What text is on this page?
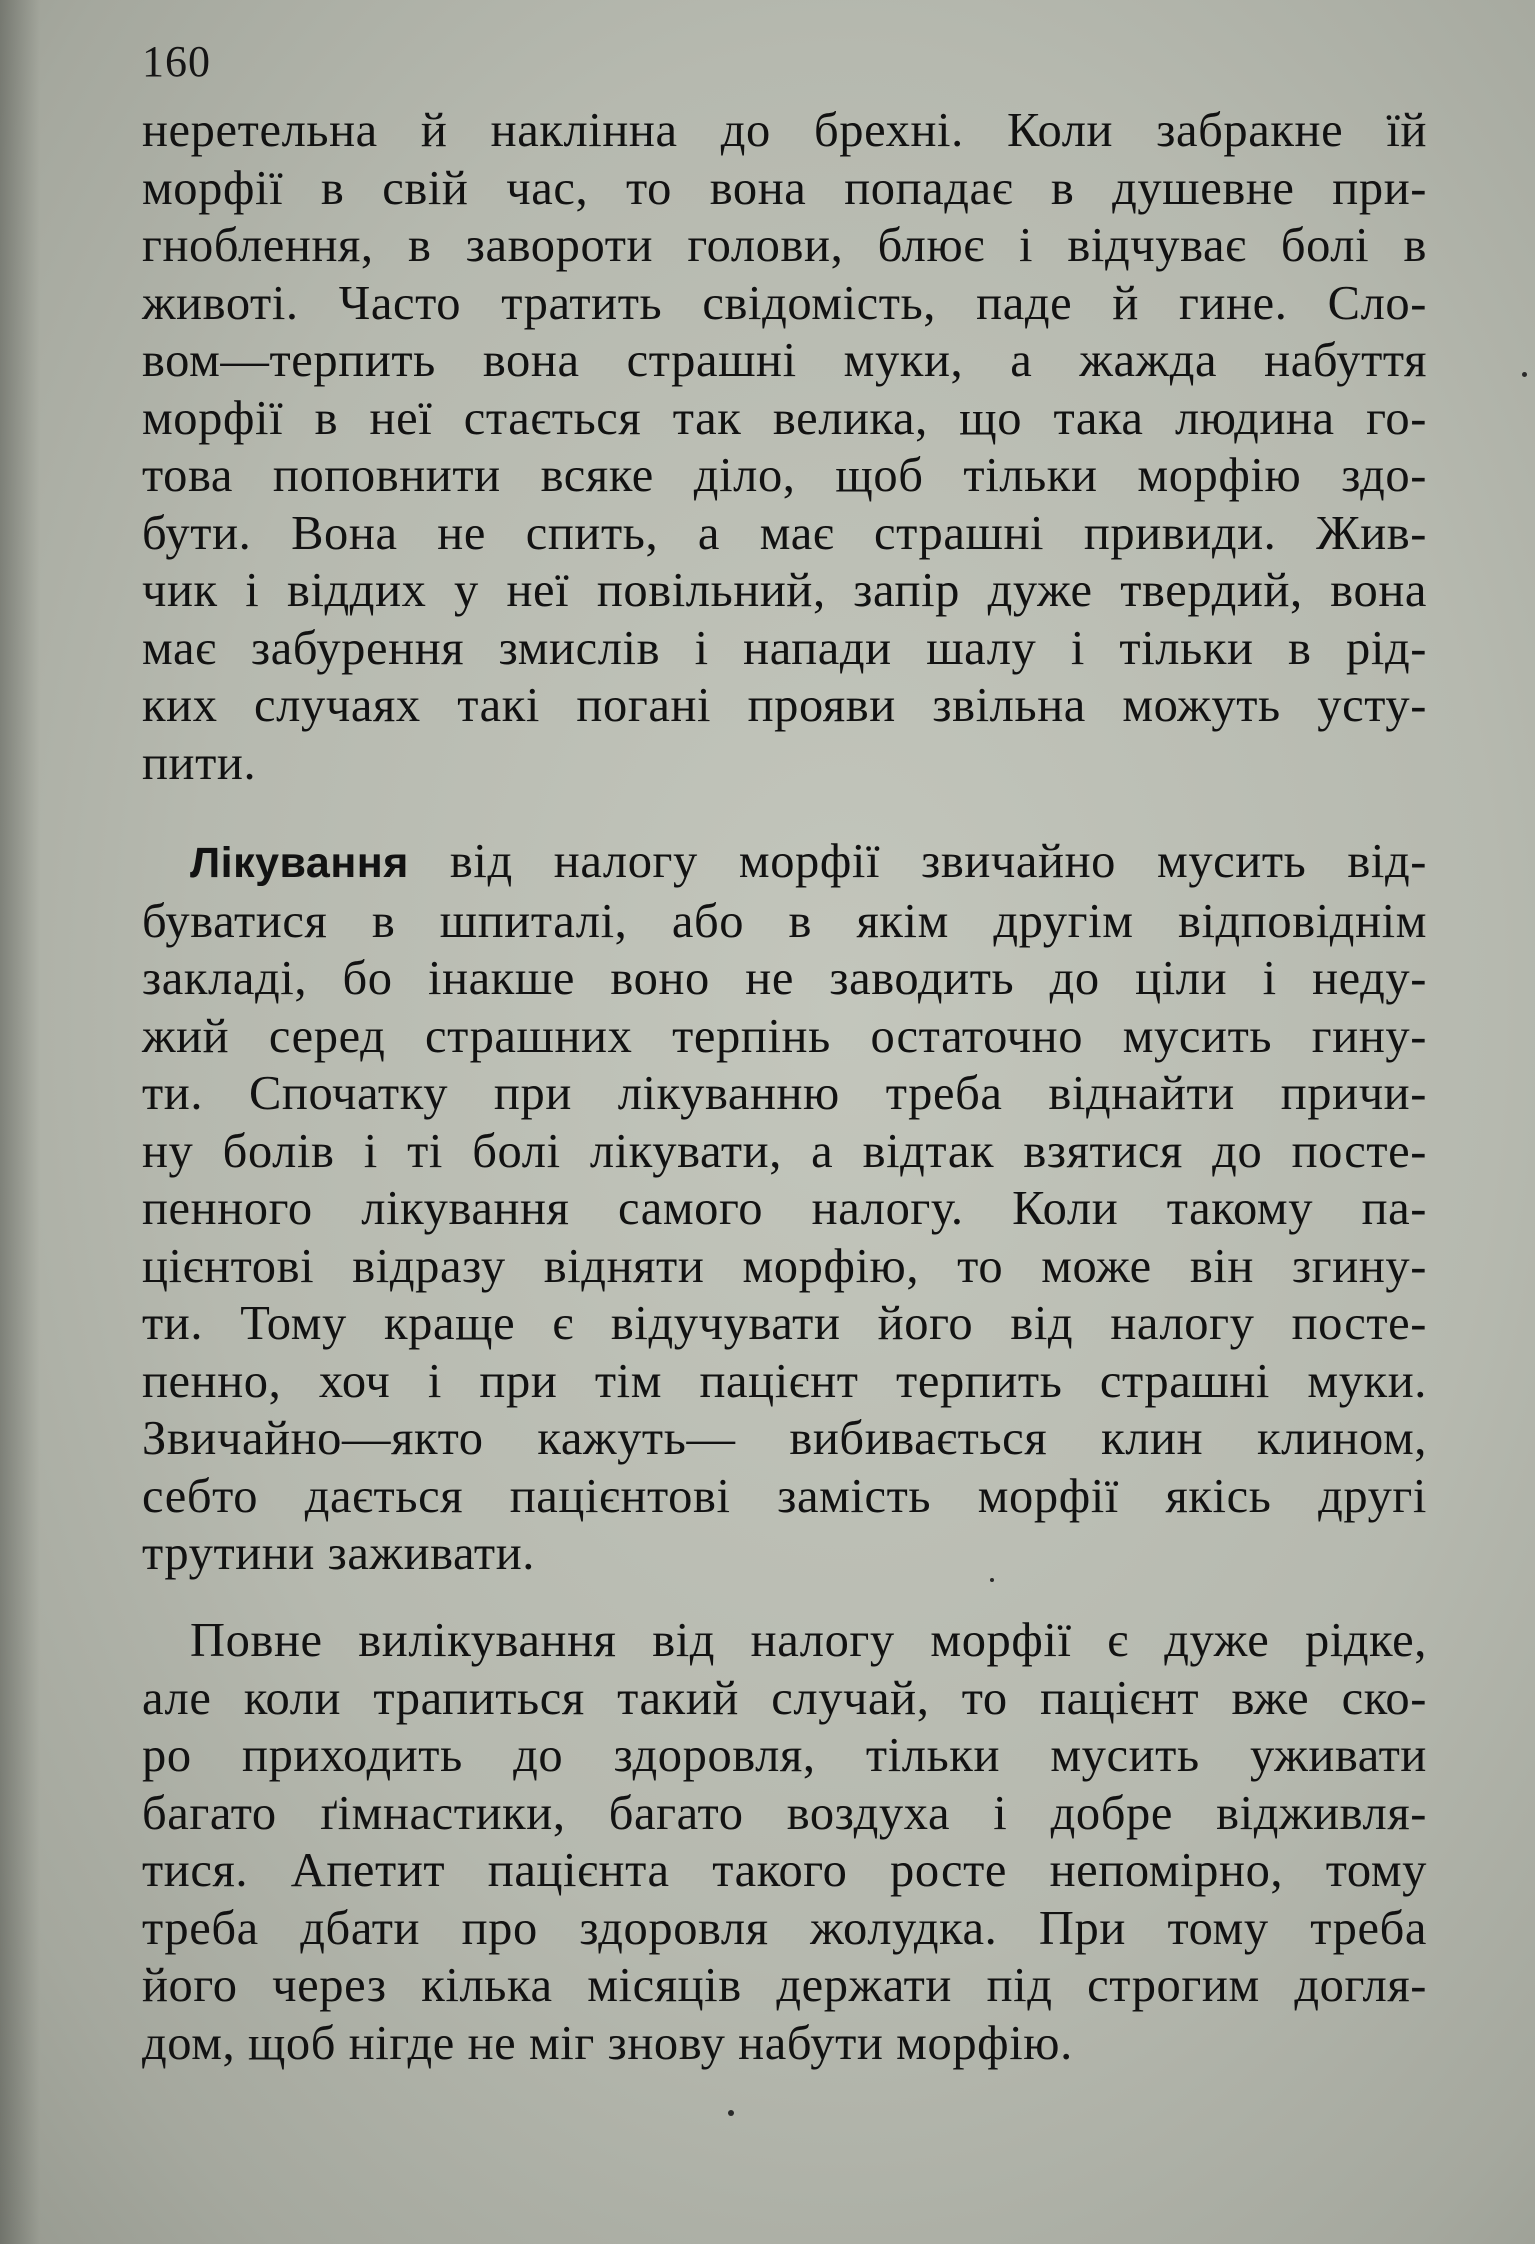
160
неретельна й наклінна до брехні. Коли забракне їй
морфії в свій час, то вона попадає в душевне при-
гноблення, в завороти голови, блює і відчуває болі в
животі. Часто тратить свідомість, паде й гине. Сло-
вом—терпить вона страшні муки, а жажда набуття
морфії в неї стається так велика, що така людина го-
това поповнити всяке діло, щоб тільки морфію здо-
бути. Вона не спить, а має страшні привиди. Жив-
чик і віддих у неї повільний, запір дуже твердий, вона
має забурення змислів і напади шалу і тільки в рід-
ких случаях такі погані прояви звільна можуть усту-
пити.
Лікування від налогу морфії звичайно мусить від-
буватися в шпиталі, або в якім другім відповіднім
закладі, бо інакше воно не заводить до ціли і неду-
жий серед страшних терпінь остаточно мусить гину-
ти. Спочатку при лікуванню треба віднайти причи-
ну болів і ті болі лікувати, а відтак взятися до посте-
пенного лікування самого налогу. Коли такому па-
цієнтові відразу відняти морфію, то може він згину-
ти. Тому краще є відучувати його від налогу посте-
пенно, хоч і при тім пацієнт терпить страшні муки.
Звичайно—якто кажуть— вибивається клин клином,
себто дається пацієнтові замість морфії якісь другі
трутини заживати.
Повне вилікування від налогу морфії є дуже рідке,
але коли трапиться такий случай, то пацієнт вже ско-
ро приходить до здоровля, тільки мусить уживати
багато ґімнастики, багато воздуха і добре відживля-
тися. Апетит пацієнта такого росте непомірно, тому
треба дбати про здоровля жолудка. При тому треба
його через кілька місяців держати під строгим догля-
дом, щоб нігде не міг знову набути морфію.
